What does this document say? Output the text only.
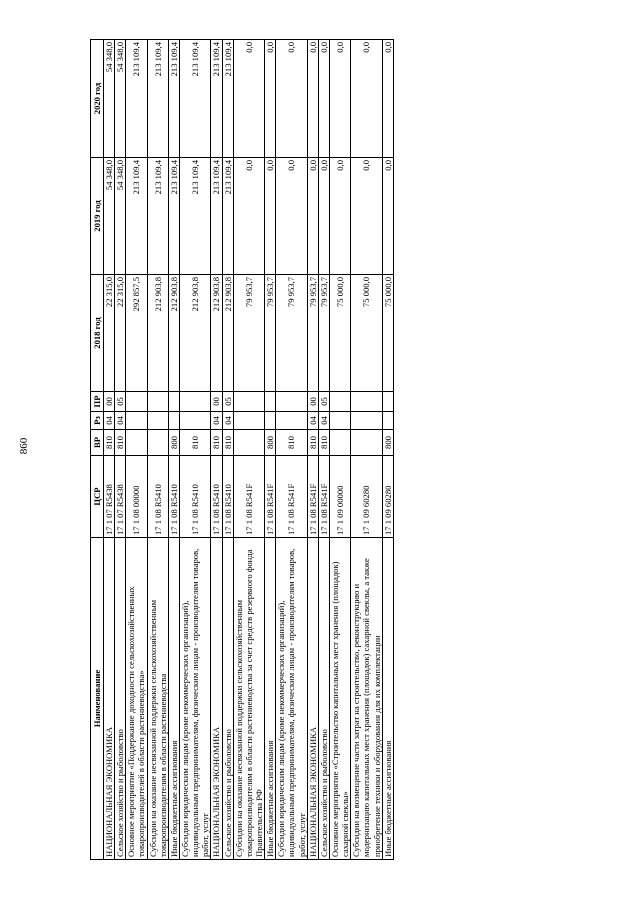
860
Наименование	ЦСР	ВР	Рз	ПР	2018 год	2019 год	2020 год
НАЦИОНАЛЬНАЯ ЭКОНОМИКА	17 1 07 R5438	810	04	00	22 315,0	54 348,0	54 348,0
Сельское хозяйство и рыболовство	17 1 07 R5438	810	04	05	22 315,0	54 348,0	54 348,0
Основное мероприятие «Поддержание доходности сельскохозяйственных товаропроизводителей в области растениеводства»	17 1 08 00000				292 857,5	213 109,4	213 109,4
Субсидии на оказание несвязанной поддержки сельскохозяйственным товаропроизводителям в области растениеводства	17 1 08 R5410				212 903,8	213 109,4	213 109,4
Иные бюджетные ассигнования	17 1 08 R5410	800			212 903,8	213 109,4	213 109,4
Субсидии юридическим лицам (кроме некоммерческих организаций), индивидуальным предпринимателям, физическим лицам - производителям товаров, работ, услуг	17 1 08 R5410	810			212 903,8	213 109,4	213 109,4
НАЦИОНАЛЬНАЯ ЭКОНОМИКА	17 1 08 R5410	810	04	00	212 903,8	213 109,4	213 109,4
Сельское хозяйство и рыболовство	17 1 08 R5410	810	04	05	212 903,8	213 109,4	213 109,4
Субсидии на оказание несвязанной поддержки сельскохозяйственным товаропроизводителям в области растениеводства за счет средств резервного фонда Правительства РФ	17 1 08 R541F				79 953,7	0,0	0,0
Иные бюджетные ассигнования	17 1 08 R541F	800			79 953,7	0,0	0,0
Субсидии юридическим лицам (кроме некоммерческих организаций), индивидуальным предпринимателям, физическим лицам - производителям товаров, работ, услуг	17 1 08 R541F	810			79 953,7	0,0	0,0
НАЦИОНАЛЬНАЯ ЭКОНОМИКА	17 1 08 R541F	810	04	00	79 953,7	0,0	0,0
Сельское хозяйство и рыболовство	17 1 08 R541F	810	04	05	79 953,7	0,0	0,0
Основное мероприятие «Строительство капитальных мест хранения (площадок) сахарной свеклы»	17 1 09 00000				75 000,0	0,0	0,0
Субсидии на возмещение части затрат на строительство, реконструкцию и модернизацию капитальных мест хранения (площадок) сахарной свеклы, а также приобретение техники и оборудования для их комплектации	17 1 09 60280				75 000,0	0,0	0,0
Иные бюджетные ассигнования	17 1 09 60280	800			75 000,0	0,0	0,0
